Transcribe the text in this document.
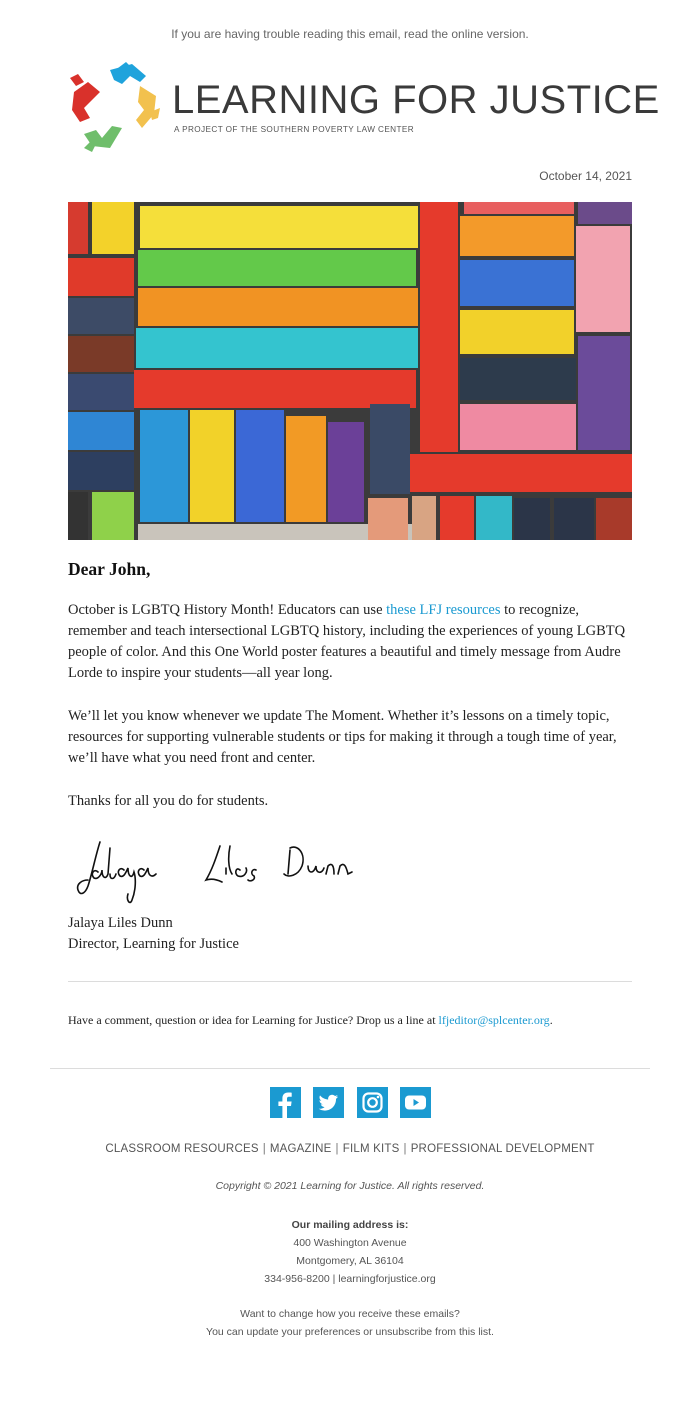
If you are having trouble reading this email, read the online version.
LEARNING FOR JUSTICE
A PROJECT OF THE SOUTHERN POVERTY LAW CENTER
October 14, 2021
Dear John,
October is LGBTQ History Month! Educators can use these LFJ resources to recognize, remember and teach intersectional LGBTQ history, including the experiences of young LGBTQ people of color. And this One World poster features a beautiful and timely message from Audre Lorde to inspire your students—all year long.
We’ll let you know whenever we update The Moment. Whether it’s lessons on a timely topic, resources for supporting vulnerable students or tips for making it through a tough time of year, we’ll have what you need front and center.
Thanks for all you do for students.
Jalaya Liles Dunn
Director, Learning for Justice
Have a comment, question or idea for Learning for Justice? Drop us a line at lfjeditor@splcenter.org.
CLASSROOM RESOURCES | MAGAZINE | FILM KITS | PROFESSIONAL DEVELOPMENT
Copyright © 2021 Learning for Justice. All rights reserved.
Our mailing address is:
400 Washington Avenue
Montgomery, AL 36104
334-956-8200 | learningforjustice.org
Want to change how you receive these emails?
You can update your preferences or unsubscribe from this list.
